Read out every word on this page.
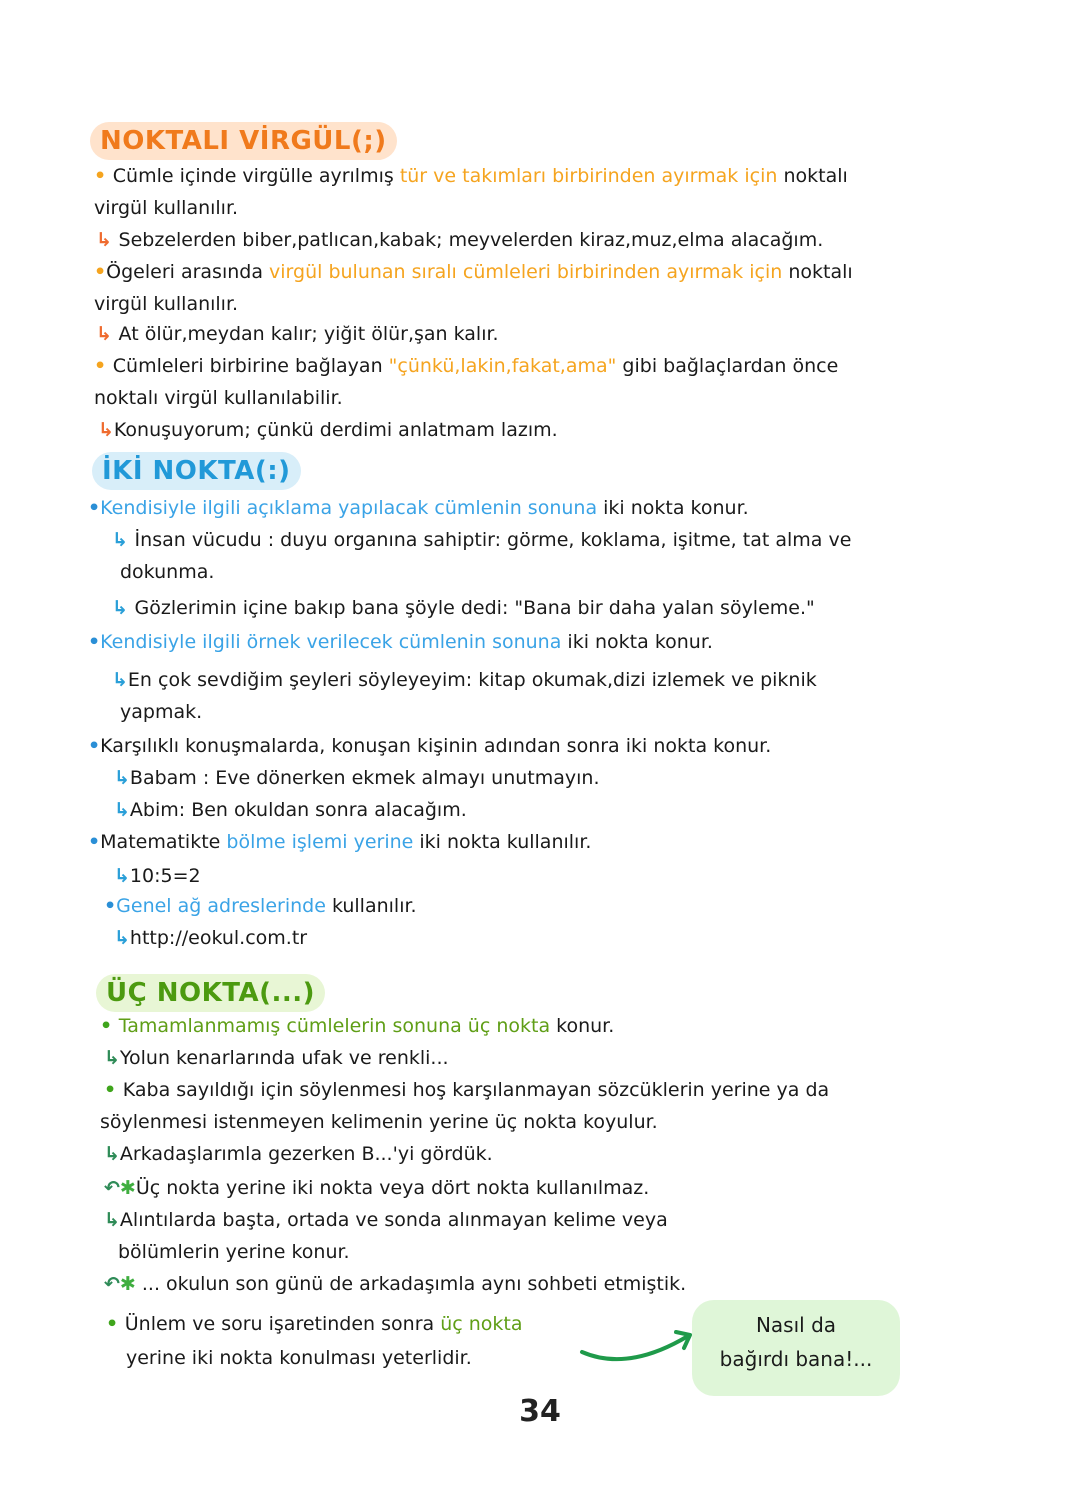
NOKTALI VİRGÜL(;)
• Cümle içinde virgülle ayrılmış tür ve takımları birbirinden ayırmak için noktalı
virgül kullanılır.
↳ Sebzelerden biber,patlıcan,kabak; meyvelerden kiraz,muz,elma alacağım.
•Ögeleri arasında virgül bulunan sıralı cümleleri birbirinden ayırmak için noktalı
virgül kullanılır.
↳ At ölür,meydan kalır; yiğit ölür,şan kalır.
• Cümleleri birbirine bağlayan "çünkü,lakin,fakat,ama" gibi bağlaçlardan önce
noktalı virgül kullanılabilir.
↳Konuşuyorum; çünkü derdimi anlatmam lazım.
İKİ NOKTA(:)
•Kendisiyle ilgili açıklama yapılacak cümlenin sonuna iki nokta konur.
↳ İnsan vücudu : duyu organına sahiptir: görme, koklama, işitme, tat alma ve
dokunma.
↳ Gözlerimin içine bakıp bana şöyle dedi: "Bana bir daha yalan söyleme."
•Kendisiyle ilgili örnek verilecek cümlenin sonuna iki nokta konur.
↳En çok sevdiğim şeyleri söyleyeyim: kitap okumak,dizi izlemek ve piknik
yapmak.
•Karşılıklı konuşmalarda, konuşan kişinin adından sonra iki nokta konur.
↳Babam : Eve dönerken ekmek almayı unutmayın.
↳Abim: Ben okuldan sonra alacağım.
•Matematikte bölme işlemi yerine iki nokta kullanılır.
↳10:5=2
•Genel ağ adreslerinde kullanılır.
↳http://eokul.com.tr
ÜÇ NOKTA(...)
• Tamamlanmamış cümlelerin sonuna üç nokta konur.
↳Yolun kenarlarında ufak ve renkli...
• Kaba sayıldığı için söylenmesi hoş karşılanmayan sözcüklerin yerine ya da
söylenmesi istenmeyen kelimenin yerine üç nokta koyulur.
↳Arkadaşlarımla gezerken B...'yi gördük.
↶✱Üç nokta yerine iki nokta veya dört nokta kullanılmaz.
↳Alıntılarda başta, ortada ve sonda alınmayan kelime veya
bölümlerin yerine konur.
↶✱ ... okulun son günü de arkadaşımla aynı sohbeti etmiştik.
• Ünlem ve soru işaretinden sonra üç nokta
yerine iki nokta konulması yeterlidir.
Nasıl da
bağırdı bana!...
34
